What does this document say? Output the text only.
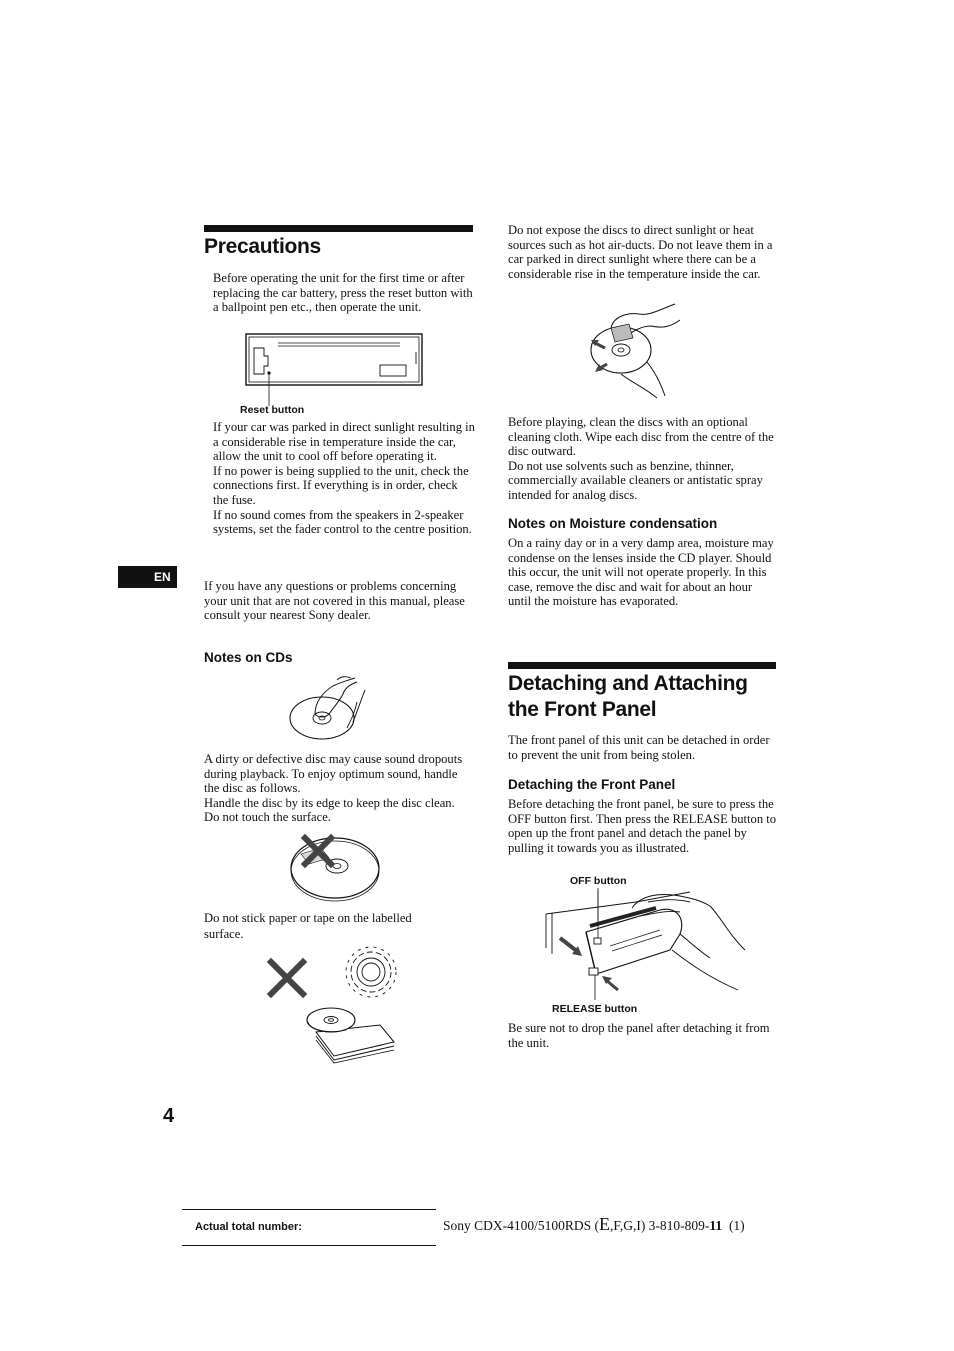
Precautions

Before operating the unit for the first time or after replacing the car battery, press the reset button with a ballpoint pen etc., then operate the unit.

Reset button

If your car was parked in direct sunlight resulting in a considerable rise in temperature inside the car, allow the unit to cool off before operating it.

If no power is being supplied to the unit, check the connections first. If everything is in order, check the fuse.

If no sound comes from the speakers in 2-speaker systems, set the fader control to the centre position.

EN

If you have any questions or problems concerning your unit that are not covered in this manual, please consult your nearest Sony dealer.

Notes on CDs

A dirty or defective disc may cause sound dropouts during playback. To enjoy optimum sound, handle the disc as follows.

Handle the disc by its edge to keep the disc clean. Do not touch the surface.

Do not stick paper or tape on the labelled surface.

Do not expose the discs to direct sunlight or heat sources such as hot air-ducts. Do not leave them in a car parked in direct sunlight where there can be a considerable rise in the temperature inside the car.

Before playing, clean the discs with an optional cleaning cloth. Wipe each disc from the centre of the disc outward.

Do not use solvents such as benzine, thinner, commercially available cleaners or antistatic spray intended for analog discs.

Notes on Moisture condensation

On a rainy day or in a very damp area, moisture may condense on the lenses inside the CD player. Should this occur, the unit will not operate properly. In this case, remove the disc and wait for about an hour until the moisture has evaporated.

Detaching and Attaching
the Front Panel

The front panel of this unit can be detached in order to prevent the unit from being stolen.

Detaching the Front Panel

Before detaching the front panel, be sure to press the OFF button first. Then press the RELEASE button to open up the front panel and detach the panel by pulling it towards you as illustrated.

OFF button
RELEASE button

Be sure not to drop the panel after detaching it from the unit.

4
Actual total number:	Sony CDX-4100/5100RDS (E,F,G,I) 3-810-809-11  (1)
